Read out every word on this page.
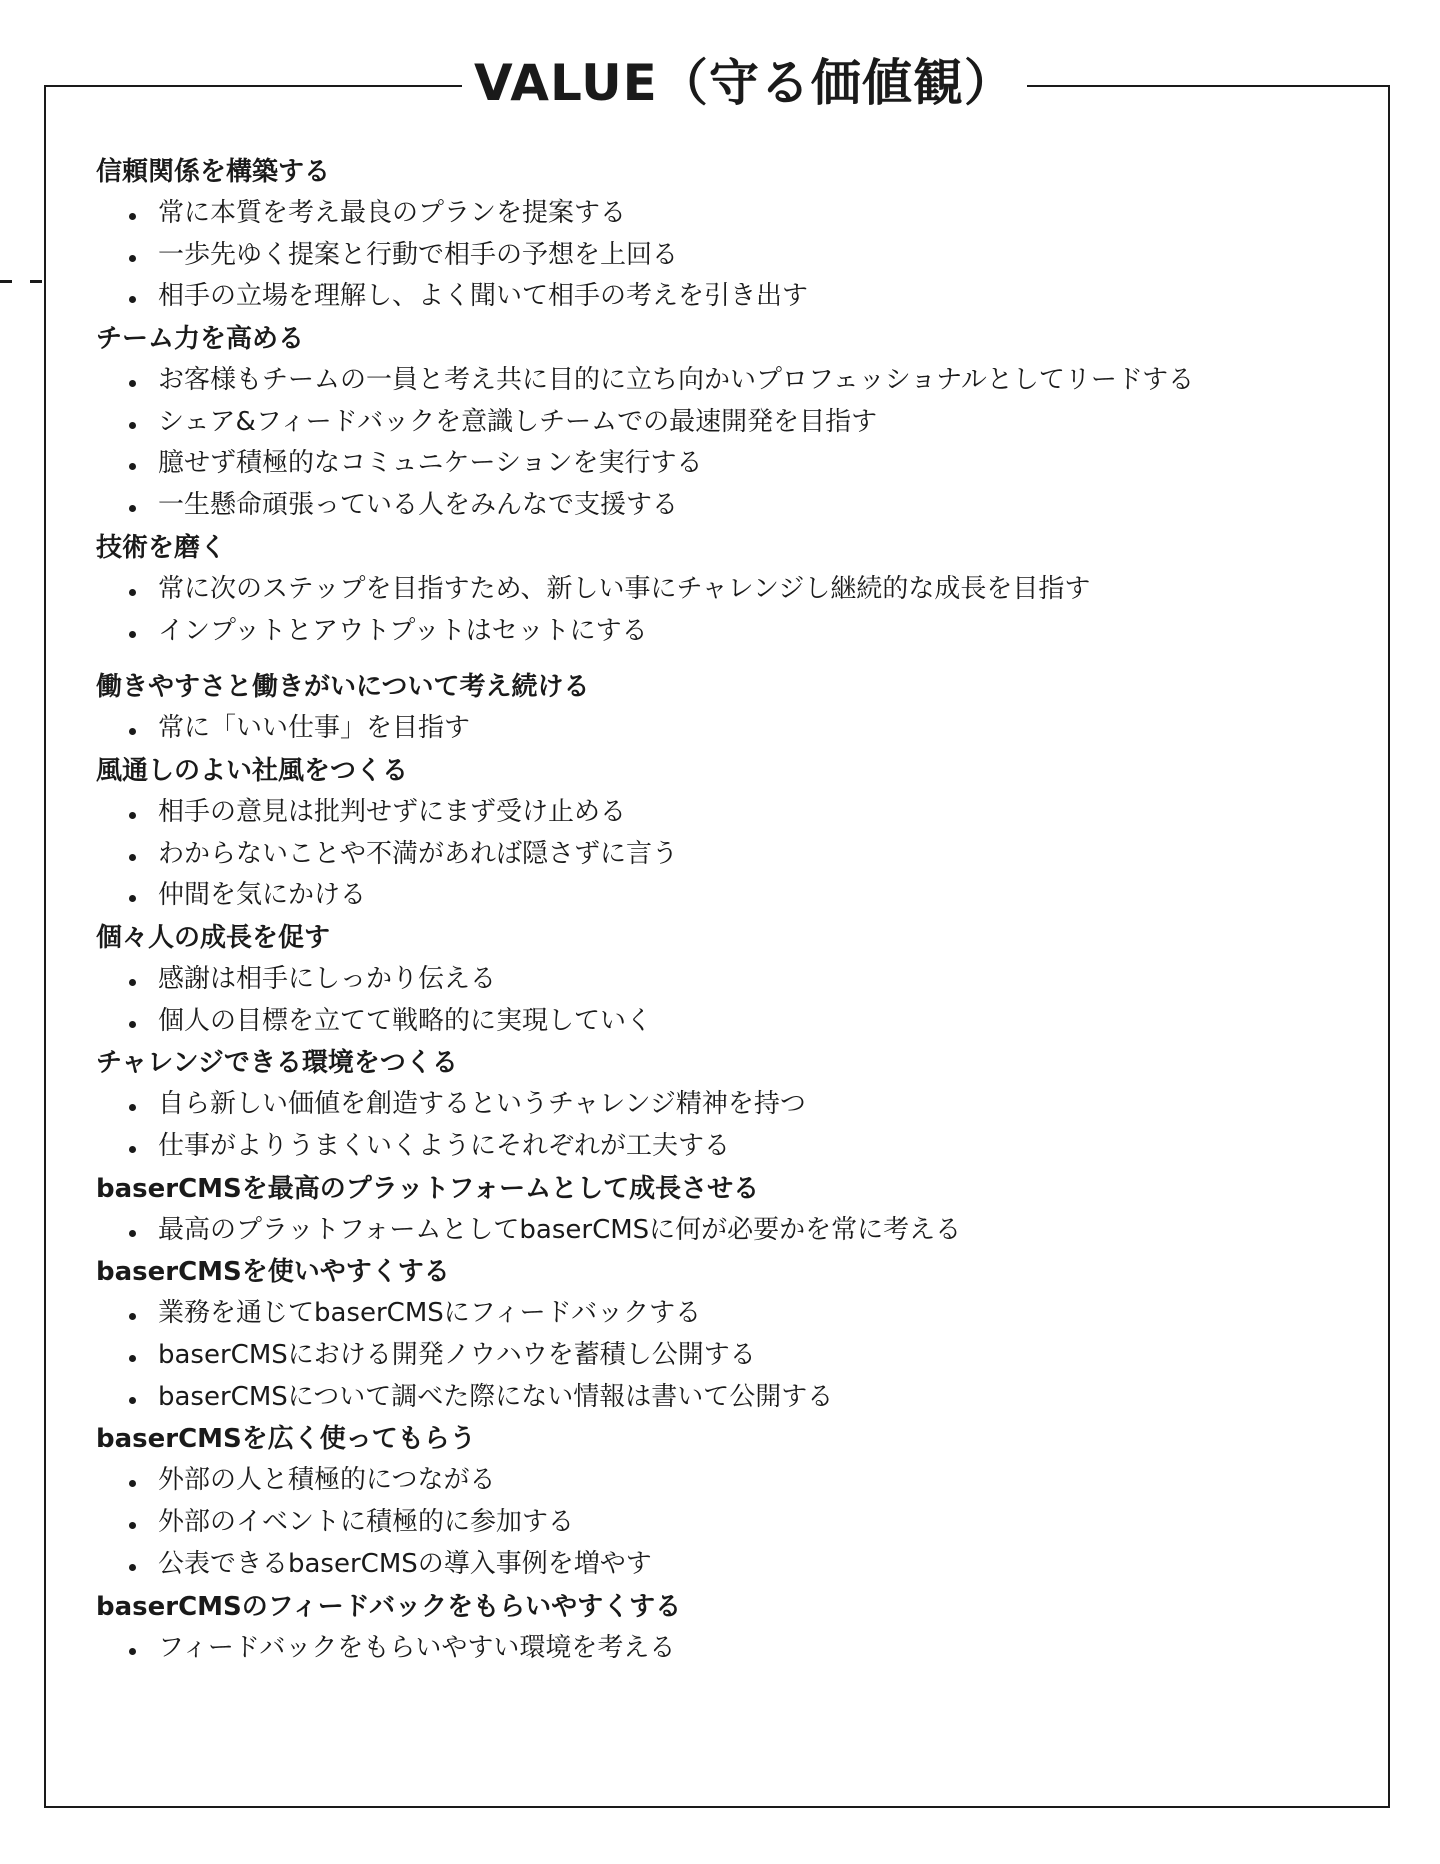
VALUE（守る価値観）
信頼関係を構築する
常に本質を考え最良のプランを提案する
一歩先ゆく提案と行動で相手の予想を上回る
相手の立場を理解し、よく聞いて相手の考えを引き出す
チーム力を高める
お客様もチームの一員と考え共に目的に立ち向かいプロフェッショナルとしてリードする
シェア&フィードバックを意識しチームでの最速開発を目指す
臆せず積極的なコミュニケーションを実行する
一生懸命頑張っている人をみんなで支援する
技術を磨く
常に次のステップを目指すため、新しい事にチャレンジし継続的な成長を目指す
インプットとアウトプットはセットにする
働きやすさと働きがいについて考え続ける
常に「いい仕事」を目指す
風通しのよい社風をつくる
相手の意見は批判せずにまず受け止める
わからないことや不満があれば隠さずに言う
仲間を気にかける
個々人の成長を促す
感謝は相手にしっかり伝える
個人の目標を立てて戦略的に実現していく
チャレンジできる環境をつくる
自ら新しい価値を創造するというチャレンジ精神を持つ
仕事がよりうまくいくようにそれぞれが工夫する
baserCMSを最高のプラットフォームとして成長させる
最高のプラットフォームとしてbaserCMSに何が必要かを常に考える
baserCMSを使いやすくする
業務を通じてbaserCMSにフィードバックする
baserCMSにおける開発ノウハウを蓄積し公開する
baserCMSについて調べた際にない情報は書いて公開する
baserCMSを広く使ってもらう
外部の人と積極的につながる
外部のイベントに積極的に参加する
公表できるbaserCMSの導入事例を増やす
baserCMSのフィードバックをもらいやすくする
フィードバックをもらいやすい環境を考える
